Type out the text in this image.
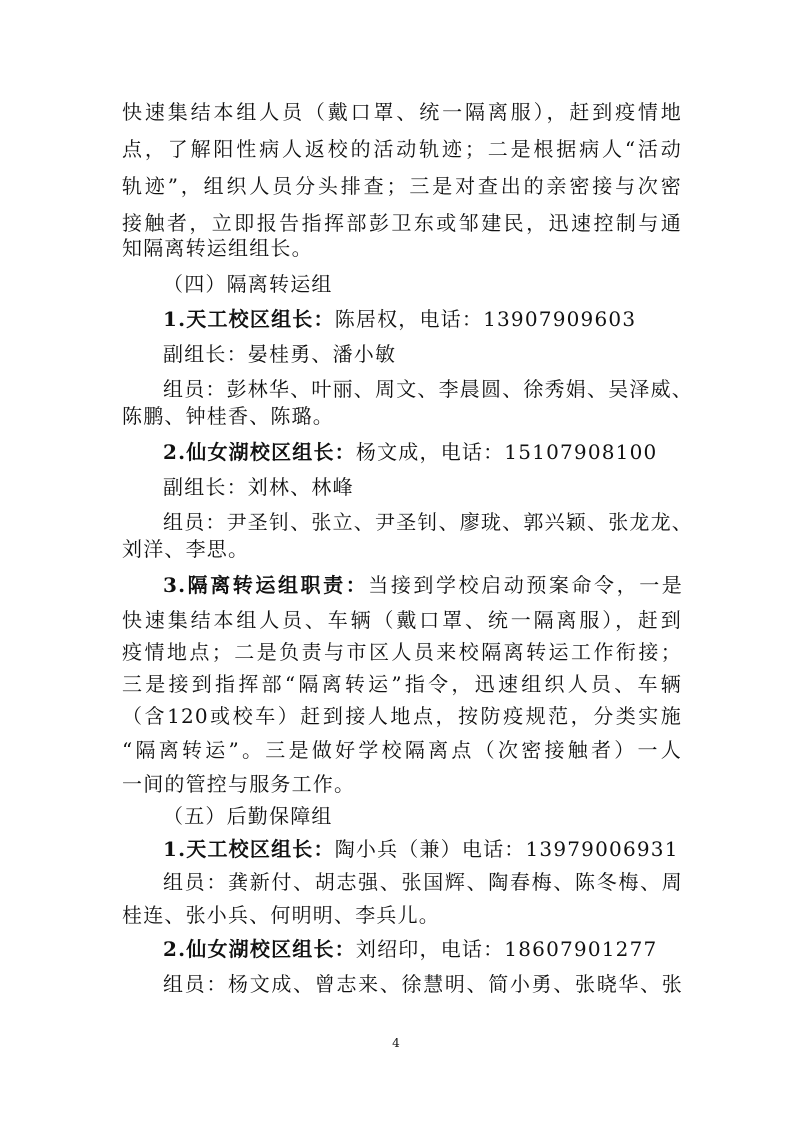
快速集结本组人员（戴口罩、统一隔离服），赶到疫情地
点，了解阳性病人返校的活动轨迹；二是根据病人“活动
轨迹”，组织人员分头排查；三是对查出的亲密接与次密
接触者，立即报告指挥部彭卫东或邹建民，迅速控制与通
知隔离转运组组长。
（四）隔离转运组
1.天工校区组长：陈居权，电话：13907909603
副组长：晏桂勇、潘小敏
组员：彭林华、叶丽、周文、李晨圆、徐秀娟、吴泽威、
陈鹏、钟桂香、陈璐。
2.仙女湖校区组长：杨文成，电话：15107908100
副组长：刘林、林峰
组员：尹圣钊、张立、尹圣钊、廖珑、郭兴颖、张龙龙、
刘洋、李思。
3.隔离转运组职责：当接到学校启动预案命令，一是
快速集结本组人员、车辆（戴口罩、统一隔离服），赶到
疫情地点；二是负责与市区人员来校隔离转运工作衔接；
三是接到指挥部“隔离转运”指令，迅速组织人员、车辆
（含120或校车）赶到接人地点，按防疫规范，分类实施
“隔离转运”。三是做好学校隔离点（次密接触者）一人
一间的管控与服务工作。
（五）后勤保障组
1.天工校区组长：陶小兵（兼）电话：13979006931
组员：龚新付、胡志强、张国辉、陶春梅、陈冬梅、周
桂连、张小兵、何明明、李兵儿。
2.仙女湖校区组长：刘绍印，电话：18607901277
组员：杨文成、曾志来、徐慧明、简小勇、张晓华、张
4
